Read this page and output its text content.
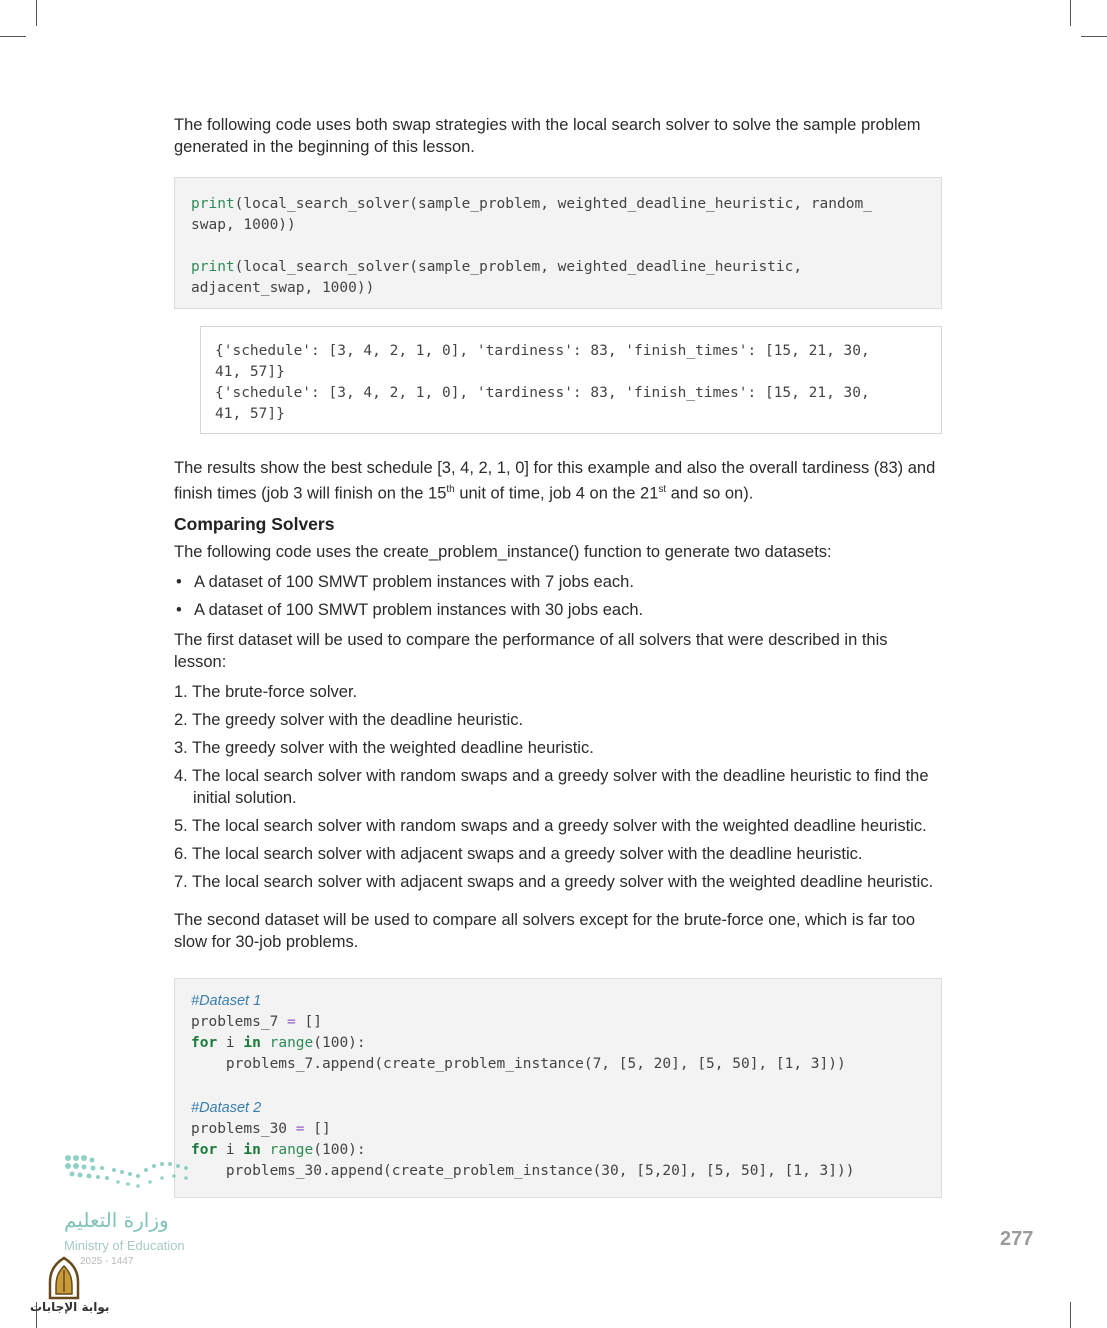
The following code uses both swap strategies with the local search solver to solve the sample problem generated in the beginning of this lesson.

print(local_search_solver(sample_problem, weighted_deadline_heuristic, random_
swap, 1000))
print(local_search_solver(sample_problem, weighted_deadline_heuristic,
adjacent_swap, 1000))
{'schedule': [3, 4, 2, 1, 0], 'tardiness': 83, 'finish_times': [15, 21, 30,
41, 57]}
{'schedule': [3, 4, 2, 1, 0], 'tardiness': 83, 'finish_times': [15, 21, 30,
41, 57]}

The results show the best schedule [3, 4, 2, 1, 0] for this example and also the overall tardiness (83) and finish times (job 3 will finish on the 15th unit of time, job 4 on the 21st and so on).

Comparing Solvers

The following code uses the create_problem_instance() function to generate two datasets:

• A dataset of 100 SMWT problem instances with 7 jobs each.
• A dataset of 100 SMWT problem instances with 30 jobs each.

The first dataset will be used to compare the performance of all solvers that were described in this lesson:

1. The brute-force solver.
2. The greedy solver with the deadline heuristic.
3. The greedy solver with the weighted deadline heuristic.
4. The local search solver with random swaps and a greedy solver with the deadline heuristic to find the initial solution.
5. The local search solver with random swaps and a greedy solver with the weighted deadline heuristic.
6. The local search solver with adjacent swaps and a greedy solver with the deadline heuristic.
7. The local search solver with adjacent swaps and a greedy solver with the weighted deadline heuristic.

The second dataset will be used to compare all solvers except for the brute-force one, which is far too slow for 30-job problems.

#Dataset 1
problems_7 = []
for i in range(100):
problems_7.append(create_problem_instance(7, [5, 20], [5, 50], [1, 3]))
#Dataset 2
problems_30 = []
for i in range(100):
problems_30.append(create_problem_instance(30, [5,20], [5, 50], [1, 3]))
وزارة التعليم
Ministry of Education
2025 - 1447
بوابة الإجابات
277
